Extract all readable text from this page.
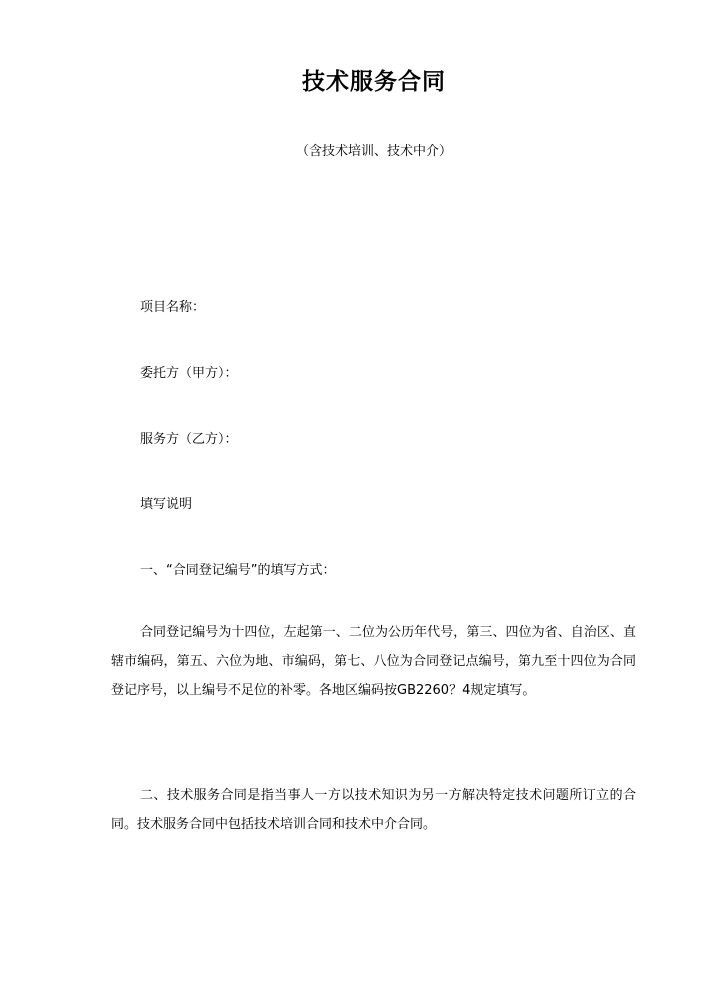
技术服务合同

（含技术培训、技术中介）

项目名称：

委托方（甲方）：

服务方（乙方）：

填写说明

一、“合同登记编号”的填写方式：

合同登记编号为十四位，左起第一、二位为公历年代号，第三、四位为省、自治区、直辖市编码，第五、六位为地、市编码，第七、八位为合同登记点编号，第九至十四位为合同登记序号，以上编号不足位的补零。各地区编码按GB2260？4规定填写。

二、技术服务合同是指当事人一方以技术知识为另一方解决特定技术问题所订立的合同。技术服务合同中包括技术培训合同和技术中介合同。
